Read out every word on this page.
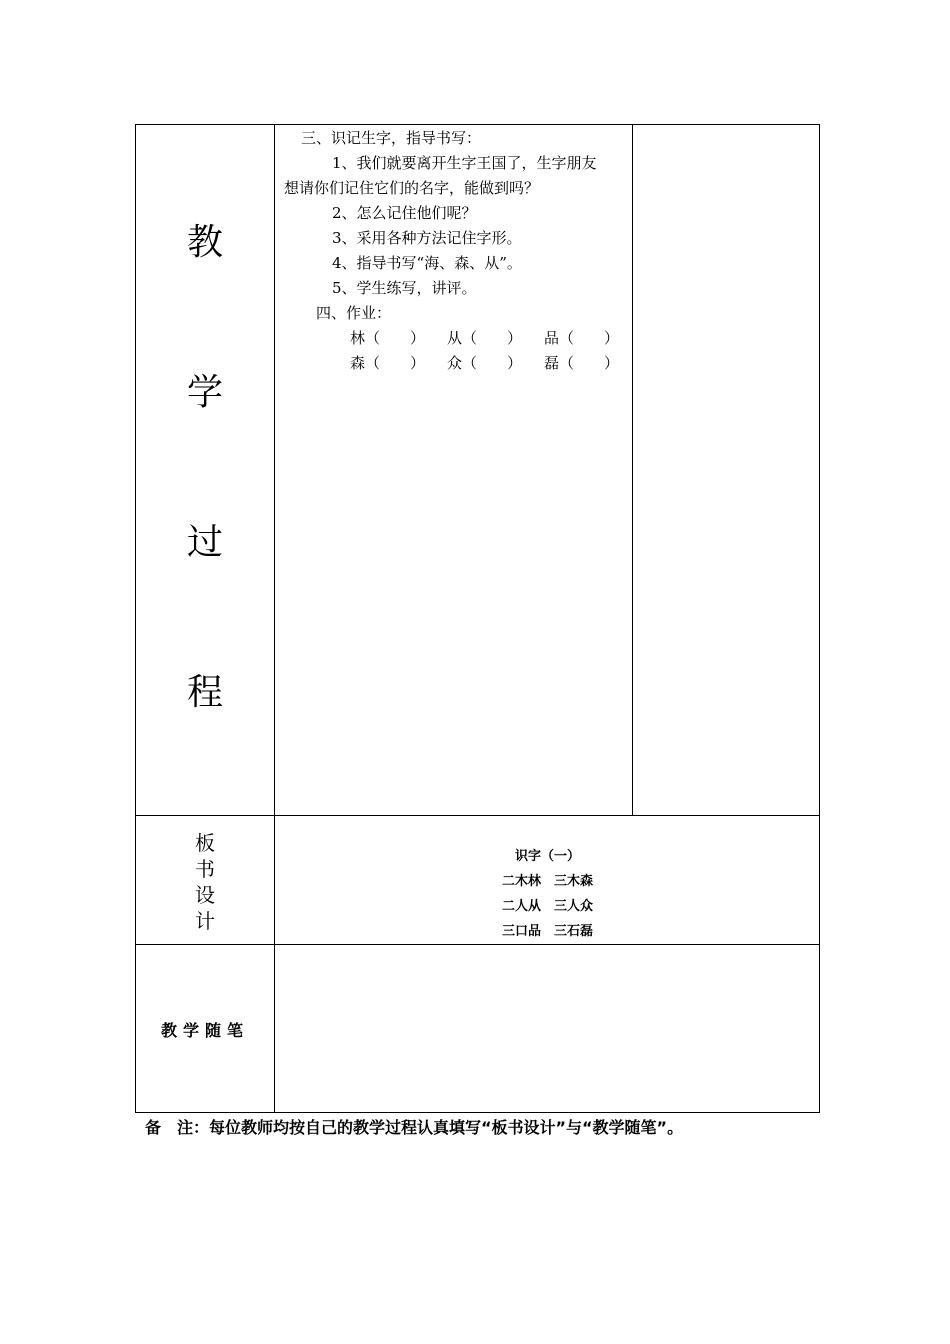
教
学
过
程
三、识记生字，指导书写：
1、我们就要离开生字王国了，生字朋友
想请你们记住它们的名字，能做到吗？
2、怎么记住他们呢？
3、采用各种方法记住字形。
4、指导书写“海、森、从”。
5、学生练写，讲评。
四、作业：
林（　　） 从（　　） 品（　　）
森（　　） 众（　　） 磊（　　）
板
书
设
计
识字（一）
二木林　三木森
二人从　三人众
三口品　三石磊
教学随笔
备　注：每位教师均按自己的教学过程认真填写“板书设计”与“教学随笔”。
